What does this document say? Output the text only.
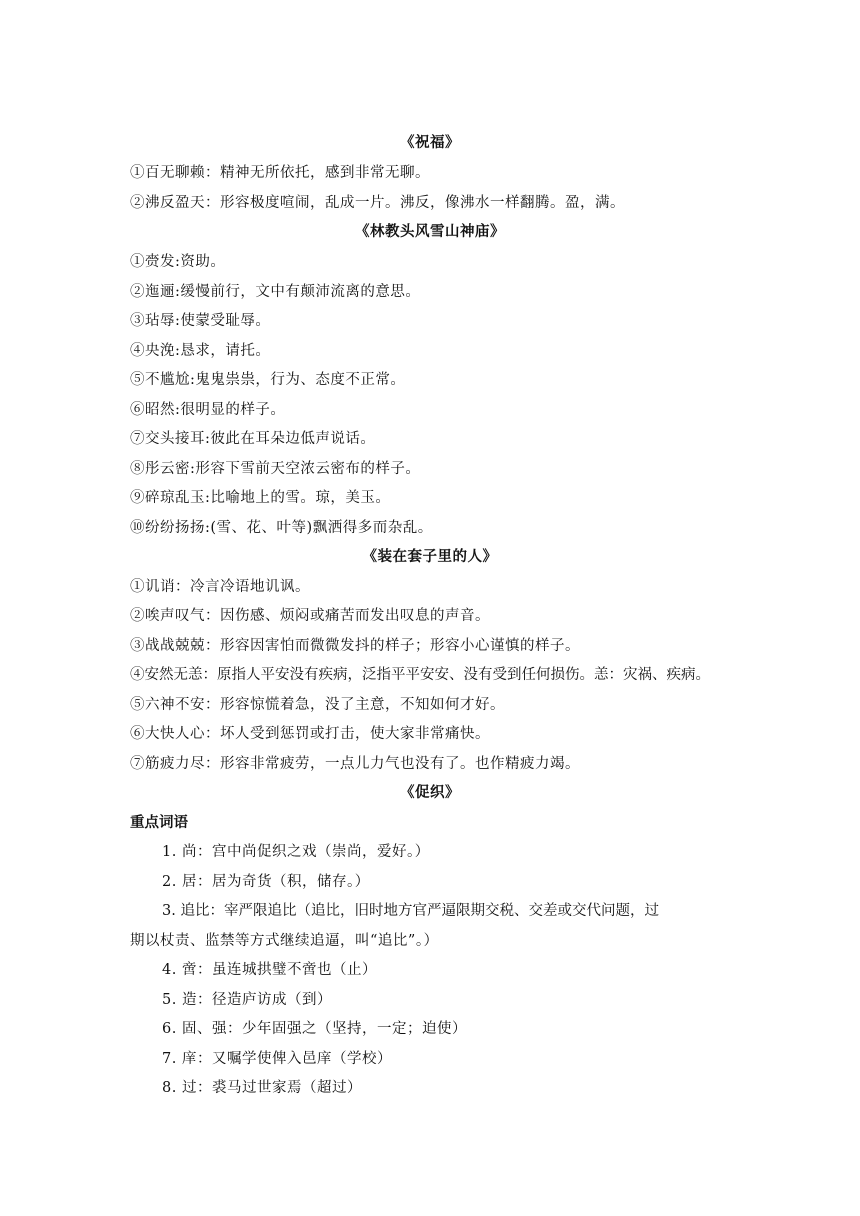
《祝福》
①百无聊赖：精神无所依托，感到非常无聊。
②沸反盈天：形容极度喧闹，乱成一片。沸反，像沸水一样翻腾。盈，满。
《林教头风雪山神庙》
①赍发:资助。
②迤逦:缓慢前行，文中有颠沛流离的意思。
③玷辱:使蒙受耻辱。
④央浼:恳求，请托。
⑤不尴尬:鬼鬼祟祟，行为、态度不正常。
⑥昭然:很明显的样子。
⑦交头接耳:彼此在耳朵边低声说话。
⑧彤云密:形容下雪前天空浓云密布的样子。
⑨碎琼乱玉:比喻地上的雪。琼，美玉。
⑩纷纷扬扬:(雪、花、叶等)飘洒得多而杂乱。
《装在套子里的人》
①讥诮：冷言冷语地讥讽。
②唉声叹气：因伤感、烦闷或痛苦而发出叹息的声音。
③战战兢兢：形容因害怕而微微发抖的样子；形容小心谨慎的样子。
④安然无恙：原指人平安没有疾病，泛指平平安安、没有受到任何损伤。恙：灾祸、疾病。
⑤六神不安：形容惊慌着急，没了主意，不知如何才好。
⑥大快人心：坏人受到惩罚或打击，使大家非常痛快。
⑦筋疲力尽：形容非常疲劳，一点儿力气也没有了。也作精疲力竭。
《促织》
重点词语
1. 尚：宫中尚促织之戏（崇尚，爱好。）
2. 居：居为奇货（积，储存。）
3. 追比：宰严限追比（追比，旧时地方官严逼限期交税、交差或交代问题，过
期以杖责、监禁等方式继续追逼，叫“追比”。）
4. 啻：虽连城拱璧不啻也（止）
5. 造：径造庐访成（到）
6. 固、强：少年固强之（坚持，一定；迫使）
7. 庠：又嘱学使俾入邑庠（学校）
8. 过：裘马过世家焉（超过）
